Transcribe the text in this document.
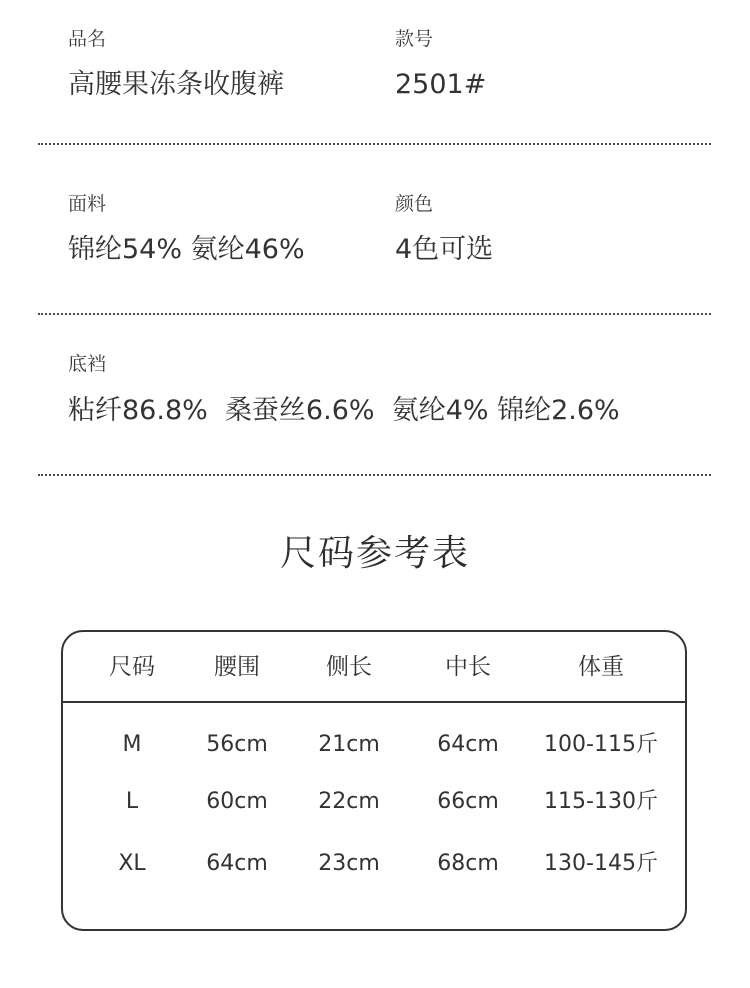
品名
高腰果冻条收腹裤
款号
2501#
面料
锦纶54% 氨纶46%
颜色
4色可选
底裆
粘纤86.8%  桑蚕丝6.6%  氨纶4% 锦纶2.6%
尺码参考表
尺码	腰围	侧长	中长	体重
M	56cm 21cm	64cm 100-115斤
L	60cm 22cm	66cm 115-130斤
XL	64cm 23cm	68cm 130-145斤
